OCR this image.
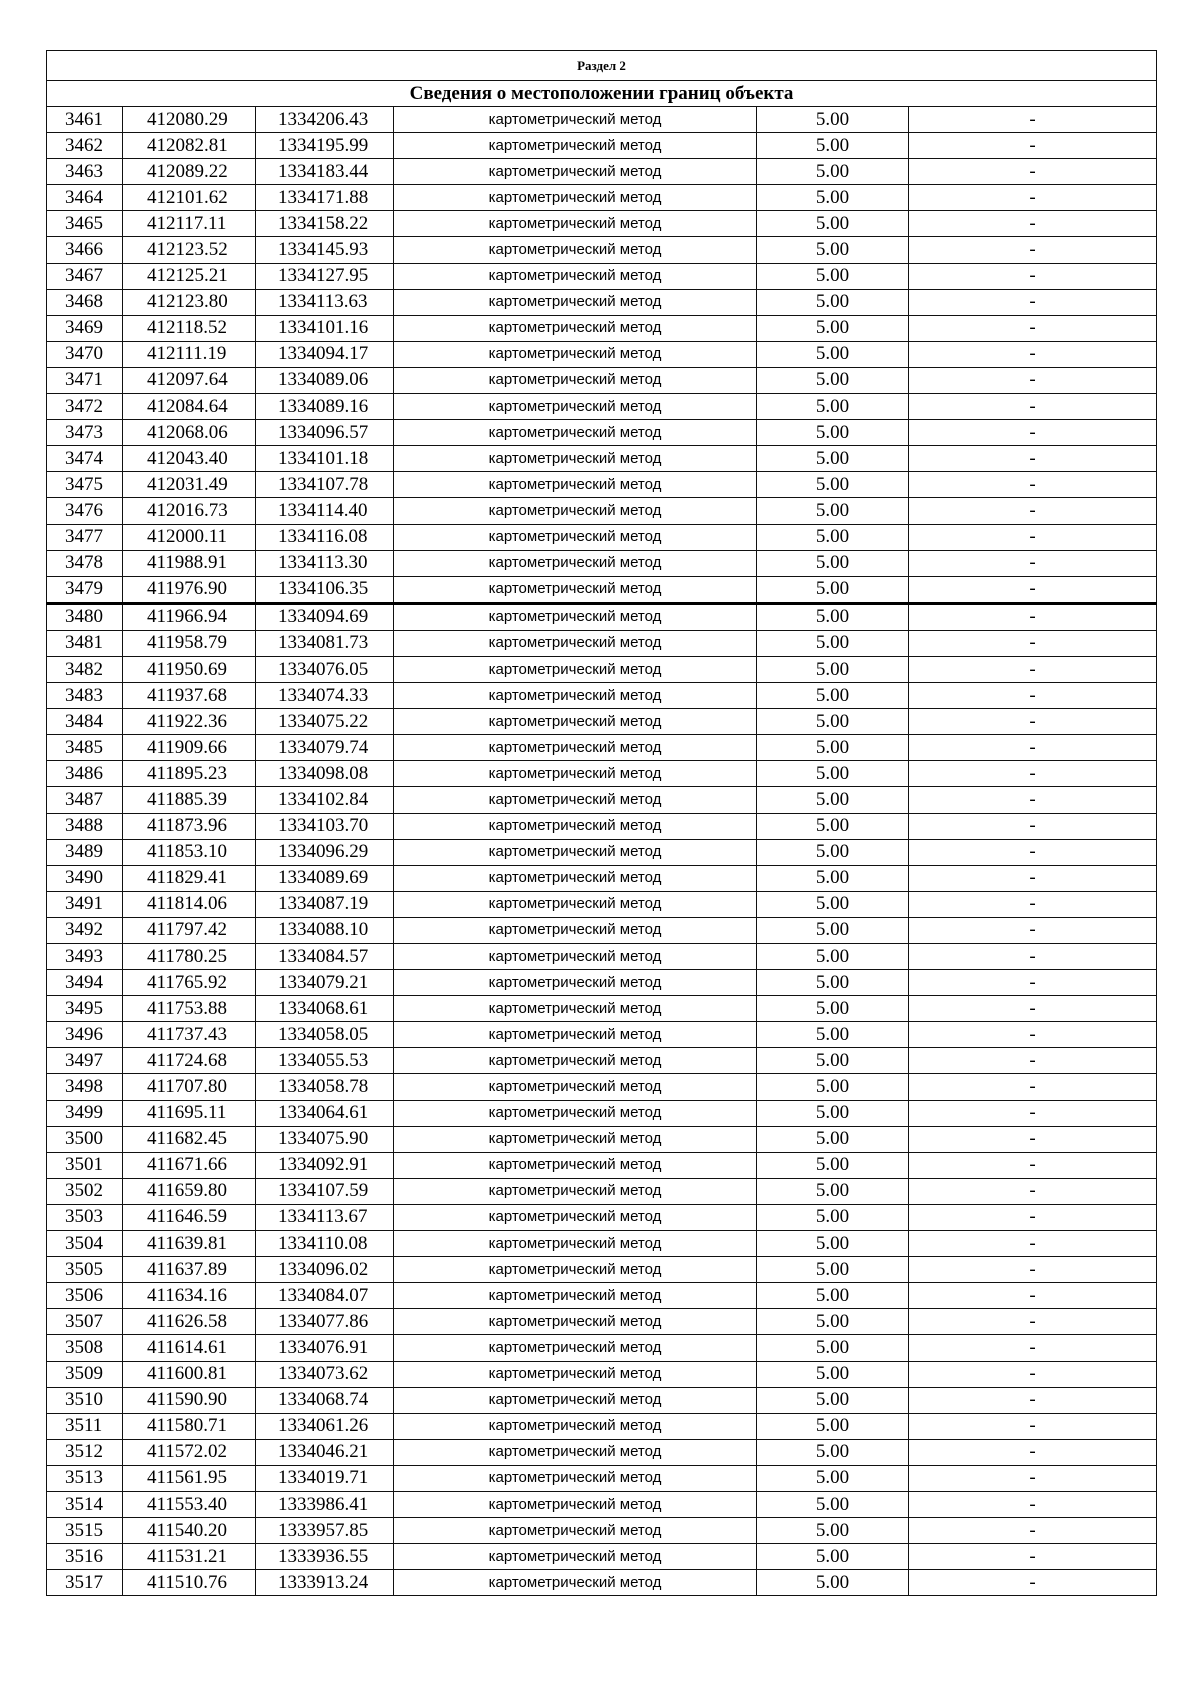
Раздел 2					
Сведения о местоположении границ объекта					
3461	412080.29	1334206.43	картометрический метод	5.00	-
3462	412082.81	1334195.99	картометрический метод	5.00	-
3463	412089.22	1334183.44	картометрический метод	5.00	-
3464	412101.62	1334171.88	картометрический метод	5.00	-
3465	412117.11	1334158.22	картометрический метод	5.00	-
3466	412123.52	1334145.93	картометрический метод	5.00	-
3467	412125.21	1334127.95	картометрический метод	5.00	-
3468	412123.80	1334113.63	картометрический метод	5.00	-
3469	412118.52	1334101.16	картометрический метод	5.00	-
3470	412111.19	1334094.17	картометрический метод	5.00	-
3471	412097.64	1334089.06	картометрический метод	5.00	-
3472	412084.64	1334089.16	картометрический метод	5.00	-
3473	412068.06	1334096.57	картометрический метод	5.00	-
3474	412043.40	1334101.18	картометрический метод	5.00	-
3475	412031.49	1334107.78	картометрический метод	5.00	-
3476	412016.73	1334114.40	картометрический метод	5.00	-
3477	412000.11	1334116.08	картометрический метод	5.00	-
3478	411988.91	1334113.30	картометрический метод	5.00	-
3479	411976.90	1334106.35	картометрический метод	5.00	-
3480	411966.94	1334094.69	картометрический метод	5.00	-
3481	411958.79	1334081.73	картометрический метод	5.00	-
3482	411950.69	1334076.05	картометрический метод	5.00	-
3483	411937.68	1334074.33	картометрический метод	5.00	-
3484	411922.36	1334075.22	картометрический метод	5.00	-
3485	411909.66	1334079.74	картометрический метод	5.00	-
3486	411895.23	1334098.08	картометрический метод	5.00	-
3487	411885.39	1334102.84	картометрический метод	5.00	-
3488	411873.96	1334103.70	картометрический метод	5.00	-
3489	411853.10	1334096.29	картометрический метод	5.00	-
3490	411829.41	1334089.69	картометрический метод	5.00	-
3491	411814.06	1334087.19	картометрический метод	5.00	-
3492	411797.42	1334088.10	картометрический метод	5.00	-
3493	411780.25	1334084.57	картометрический метод	5.00	-
3494	411765.92	1334079.21	картометрический метод	5.00	-
3495	411753.88	1334068.61	картометрический метод	5.00	-
3496	411737.43	1334058.05	картометрический метод	5.00	-
3497	411724.68	1334055.53	картометрический метод	5.00	-
3498	411707.80	1334058.78	картометрический метод	5.00	-
3499	411695.11	1334064.61	картометрический метод	5.00	-
3500	411682.45	1334075.90	картометрический метод	5.00	-
3501	411671.66	1334092.91	картометрический метод	5.00	-
3502	411659.80	1334107.59	картометрический метод	5.00	-
3503	411646.59	1334113.67	картометрический метод	5.00	-
3504	411639.81	1334110.08	картометрический метод	5.00	-
3505	411637.89	1334096.02	картометрический метод	5.00	-
3506	411634.16	1334084.07	картометрический метод	5.00	-
3507	411626.58	1334077.86	картометрический метод	5.00	-
3508	411614.61	1334076.91	картометрический метод	5.00	-
3509	411600.81	1334073.62	картометрический метод	5.00	-
3510	411590.90	1334068.74	картометрический метод	5.00	-
3511	411580.71	1334061.26	картометрический метод	5.00	-
3512	411572.02	1334046.21	картометрический метод	5.00	-
3513	411561.95	1334019.71	картометрический метод	5.00	-
3514	411553.40	1333986.41	картометрический метод	5.00	-
3515	411540.20	1333957.85	картометрический метод	5.00	-
3516	411531.21	1333936.55	картометрический метод	5.00	-
3517	411510.76	1333913.24	картометрический метод	5.00	-
